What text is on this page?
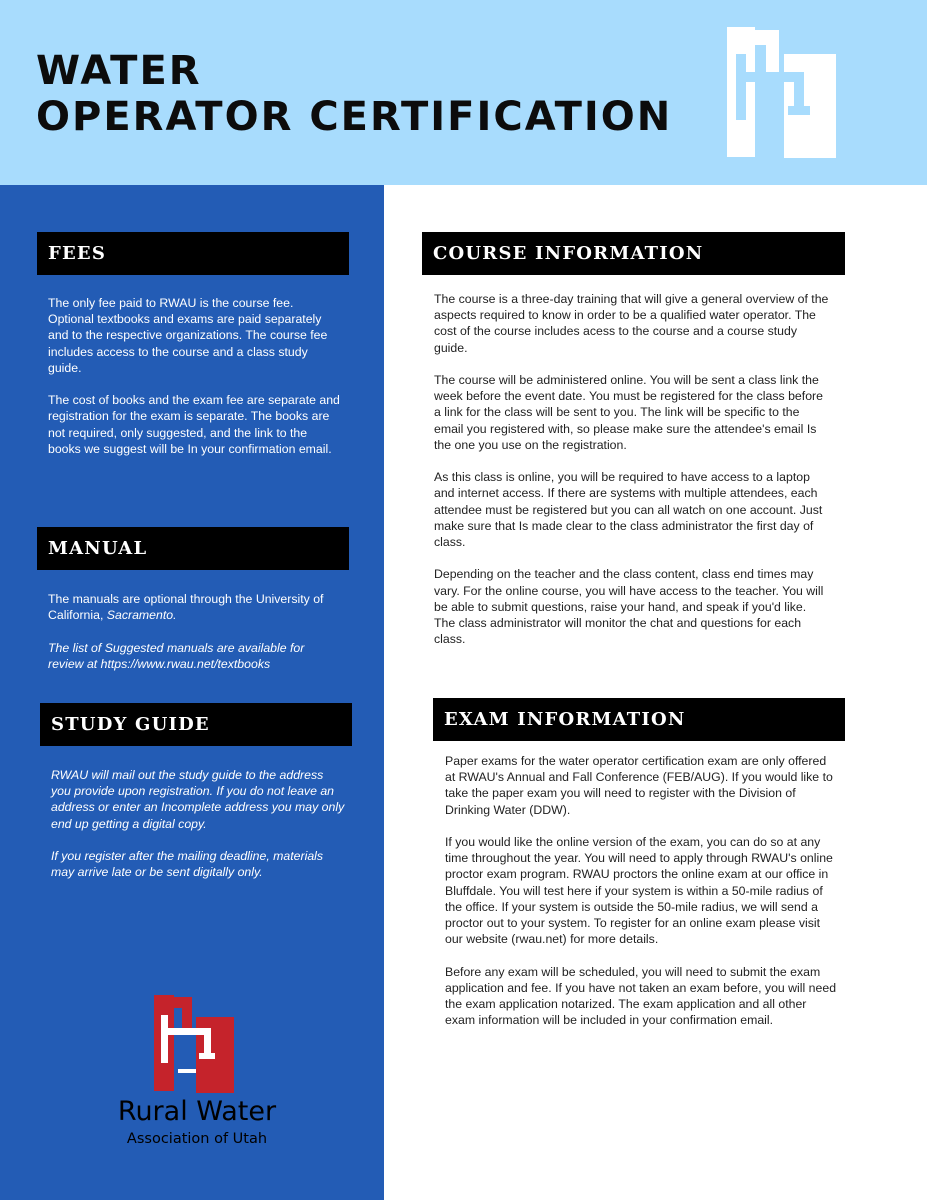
WATER
OPERATOR CERTIFICATION
FEES

The only fee paid to RWAU is the course fee. Optional textbooks and exams are paid separately and to the respective organizations. The course fee includes access to the course and a class study guide.

The cost of books and the exam fee are separate and registration for the exam is separate. The books are not required, only suggested, and the link to the books we suggest will be In your confirmation email.

MANUAL

The manuals are optional through the University of California, Sacramento.

The list of Suggested manuals are available for review at https://www.rwau.net/textbooks

STUDY GUIDE

RWAU will mail out the study guide to the address you provide upon registration. If you do not leave an address or enter an Incomplete address you may only end up getting a digital copy.

If you register after the mailing deadline, materials may arrive late or be sent digitally only.

Rural Water
Association of Utah
COURSE INFORMATION

The course is a three-day training that will give a general overview of the aspects required to know in order to be a qualified water operator. The cost of the course includes acess to the course and a course study guide.

The course will be administered online. You will be sent a class link the week before the event date. You must be registered for the class before a link for the class will be sent to you. The link will be specific to the email you registered with, so please make sure the attendee's email Is the one you use on the registration.

As this class is online, you will be required to have access to a laptop and internet access. If there are systems with multiple attendees, each attendee must be registered but you can all watch on one account. Just make sure that Is made clear to the class administrator the first day of class.

Depending on the teacher and the class content, class end times may vary. For the online course, you will have access to the teacher. You will be able to submit questions, raise your hand, and speak if you'd like. The class administrator will monitor the chat and questions for each class.

EXAM INFORMATION

Paper exams for the water operator certification exam are only offered at RWAU's Annual and Fall Conference (FEB/AUG). If you would like to take the paper exam you will need to register with the Division of Drinking Water (DDW).

If you would like the online version of the exam, you can do so at any time throughout the year. You will need to apply through RWAU's online proctor exam program. RWAU proctors the online exam at our office in Bluffdale. You will test here if your system is within a 50-mile radius of the office. If your system is outside the 50-mile radius, we will send a proctor out to your system. To register for an online exam please visit our website (rwau.net) for more details.

Before any exam will be scheduled, you will need to submit the exam application and fee. If you have not taken an exam before, you will need the exam application notarized. The exam application and all other exam information will be included in your confirmation email.
